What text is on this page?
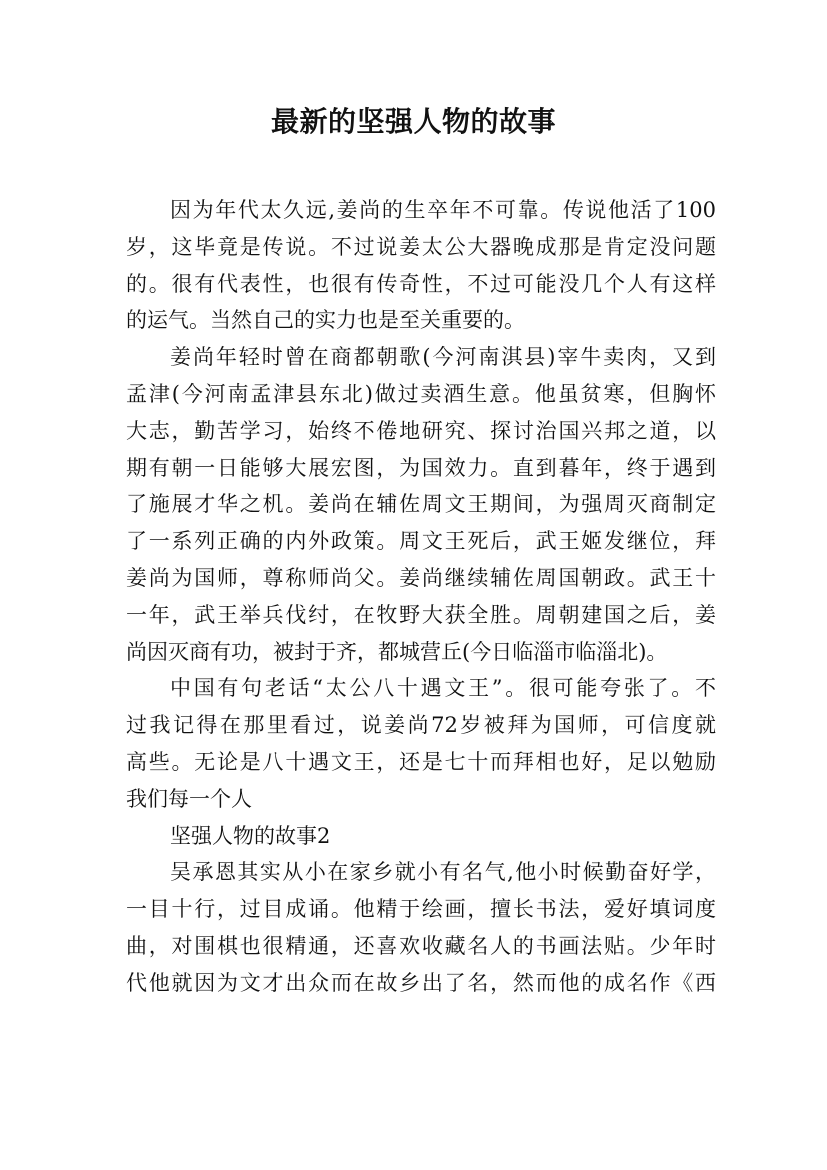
最新的坚强人物的故事
因为年代太久远,姜尚的生卒年不可靠。传说他活了100
岁，这毕竟是传说。不过说姜太公大器晚成那是肯定没问题
的。很有代表性，也很有传奇性，不过可能没几个人有这样
的运气。当然自己的实力也是至关重要的。
姜尚年轻时曾在商都朝歌(今河南淇县)宰牛卖肉，又到
孟津(今河南孟津县东北)做过卖酒生意。他虽贫寒，但胸怀
大志，勤苦学习，始终不倦地研究、探讨治国兴邦之道，以
期有朝一日能够大展宏图，为国效力。直到暮年，终于遇到
了施展才华之机。姜尚在辅佐周文王期间，为强周灭商制定
了一系列正确的内外政策。周文王死后，武王姬发继位，拜
姜尚为国师，尊称师尚父。姜尚继续辅佐周国朝政。武王十
一年，武王举兵伐纣，在牧野大获全胜。周朝建国之后，姜
尚因灭商有功，被封于齐，都城营丘(今日临淄市临淄北)。
中国有句老话“太公八十遇文王”。很可能夸张了。不
过我记得在那里看过，说姜尚72岁被拜为国师，可信度就
高些。无论是八十遇文王，还是七十而拜相也好，足以勉励
我们每一个人
坚强人物的故事2
吴承恩其实从小在家乡就小有名气,他小时候勤奋好学，
一目十行，过目成诵。他精于绘画，擅长书法，爱好填词度
曲，对围棋也很精通，还喜欢收藏名人的书画法贴。少年时
代他就因为文才出众而在故乡出了名，然而他的成名作《西
